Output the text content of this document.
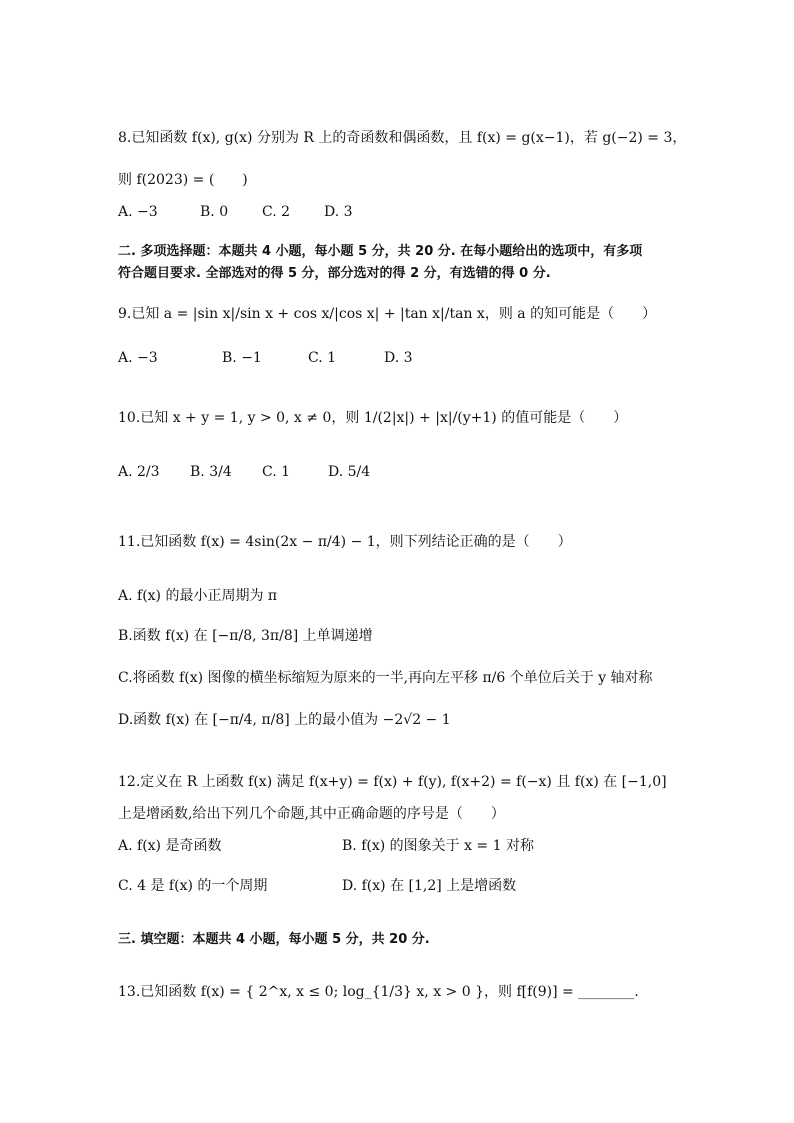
8.已知函数 f(x), g(x) 分别为 R 上的奇函数和偶函数，且 f(x) = g(x−1)，若 g(−2) = 3，
则 f(2023) = (　　)
A. −3	B. 0 C. 2 D. 3
二. 多项选择题：本题共 4 小题，每小题 5 分，共 20 分. 在每小题给出的选项中，有多项
符合题目要求. 全部选对的得 5 分，部分选对的得 2 分，有选错的得 0 分.
9.已知 a = |sin x|/sin x + cos x/|cos x| + |tan x|/tan x，则 a 的知可能是（　　）
A. −3	B. −1	C. 1	D. 3
10.已知 x + y = 1, y > 0, x ≠ 0，则 1/(2|x|) + |x|/(y+1) 的值可能是（　　）
A. 2/3 B. 3/4 C. 1	D. 5/4
11.已知函数 f(x) = 4sin(2x − π/4) − 1，则下列结论正确的是（　　）
A. f(x) 的最小正周期为 π
B.函数 f(x) 在 [−π/8, 3π/8] 上单调递增
C.将函数 f(x) 图像的横坐标缩短为原来的一半,再向左平移 π/6 个单位后关于 y 轴对称
D.函数 f(x) 在 [−π/4, π/8] 上的最小值为 −2√2 − 1
12.定义在 R 上函数 f(x) 满足 f(x+y) = f(x) + f(y), f(x+2) = f(−x) 且 f(x) 在 [−1,0]
上是增函数,给出下列几个命题,其中正确命题的序号是（　　）
A. f(x) 是奇函数	B. f(x) 的图象关于 x = 1 对称
C. 4 是 f(x) 的一个周期	D. f(x) 在 [1,2] 上是增函数
三. 填空题：本题共 4 小题，每小题 5 分，共 20 分.
13.已知函数 f(x) = { 2^x, x ≤ 0; log_{1/3} x, x > 0 }，则 f[f(9)] = ________.
